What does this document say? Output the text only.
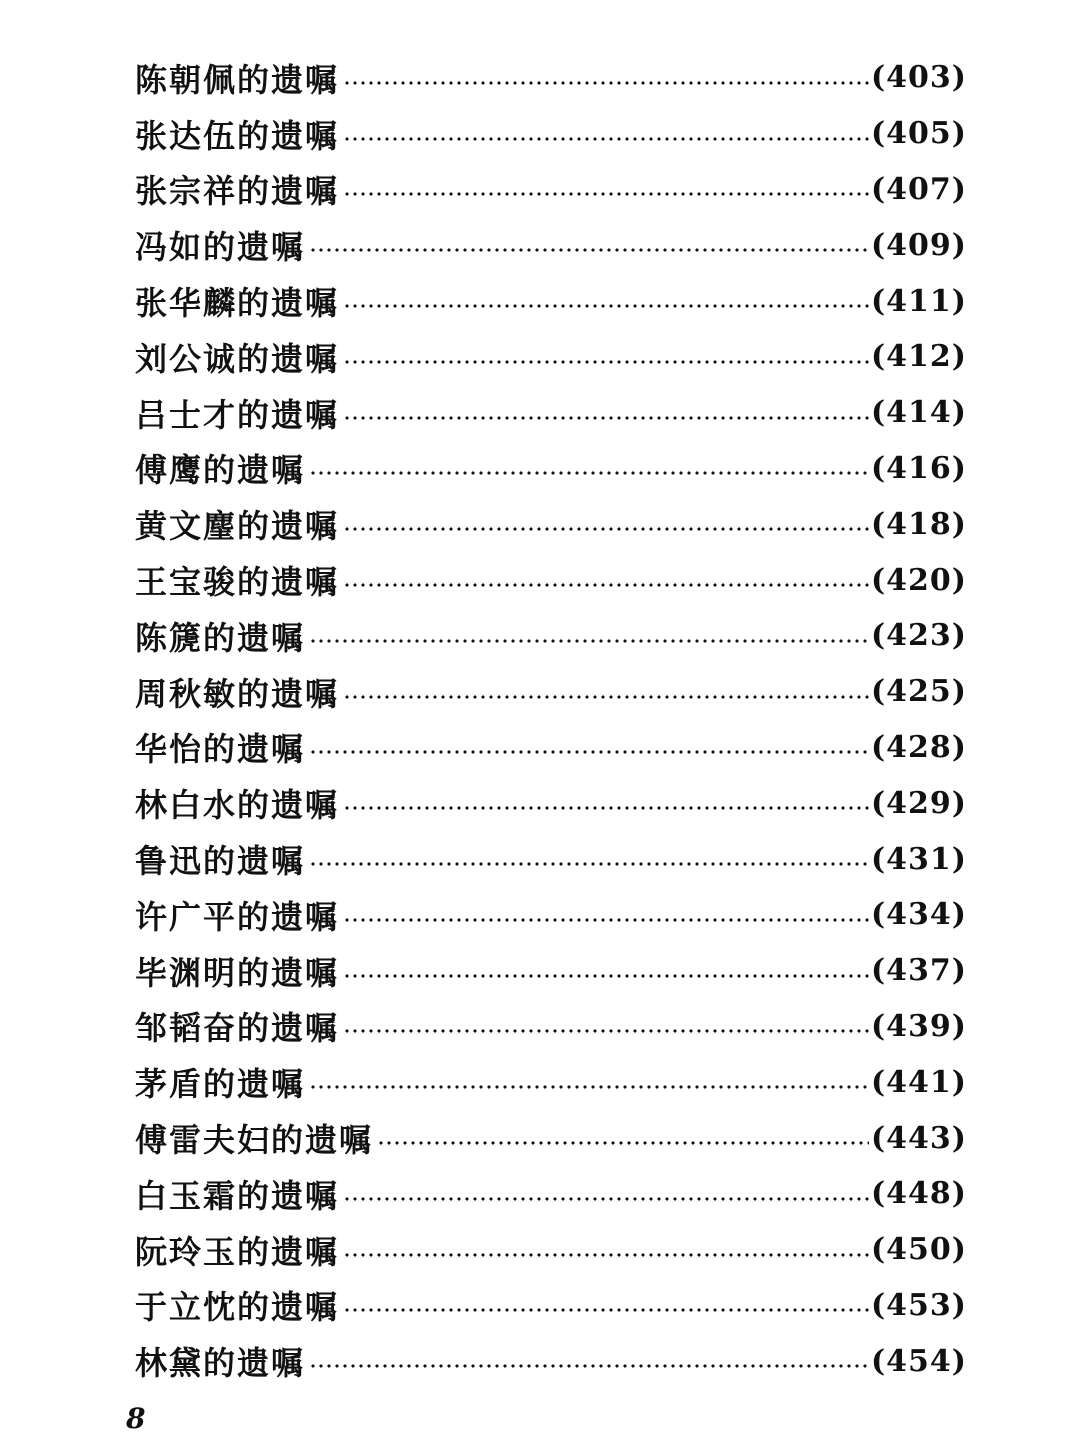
陈朝佩的遗嘱	(403)
张达伍的遗嘱	(405)
张宗祥的遗嘱	(407)
冯如的遗嘱	(409)
张华麟的遗嘱	(411)
刘公诚的遗嘱	(412)
吕士才的遗嘱	(414)
傅鹰的遗嘱	(416)
黄文麈的遗嘱	(418)
王宝骏的遗嘱	(420)
陈篪的遗嘱	(423)
周秋敏的遗嘱	(425)
华怡的遗嘱	(428)
林白水的遗嘱	(429)
鲁迅的遗嘱	(431)
许广平的遗嘱	(434)
毕渊明的遗嘱	(437)
邹韬奋的遗嘱	(439)
茅盾的遗嘱	(441)
傅雷夫妇的遗嘱	(443)
白玉霜的遗嘱	(448)
阮玲玉的遗嘱	(450)
于立忱的遗嘱	(453)
林黛的遗嘱	(454)
8
